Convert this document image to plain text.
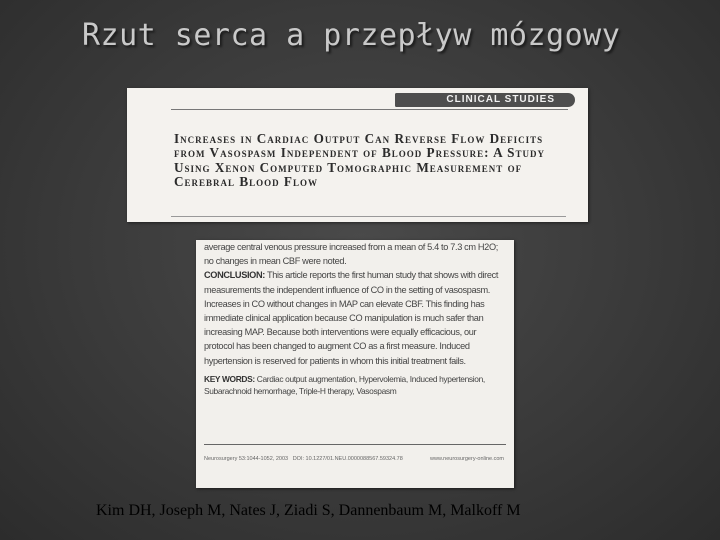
Rzut serca a przepływ mózgowy
CLINICAL STUDIES
Increases in Cardiac Output Can Reverse Flow Deficits from Vasospasm Independent of Blood Pressure: A Study Using Xenon Computed Tomographic Measurement of Cerebral Blood Flow

average central venous pressure increased from a mean of 5.4 to 7.3 cm H2O; no changes in mean CBF were noted.

CONCLUSION: This article reports the first human study that shows with direct measurements the independent influence of CO in the setting of vasospasm. Increases in CO without changes in MAP can elevate CBF. This finding has immediate clinical application because CO manipulation is much safer than increasing MAP. Because both interventions were equally efficacious, our protocol has been changed to augment CO as a first measure. Induced hypertension is reserved for patients in whom this initial treatment fails.

KEY WORDS: Cardiac output augmentation, Hypervolemia, Induced hypertension, Subarachnoid hemorrhage, Triple-H therapy, Vasospasm

Neurosurgery 53:1044-1052, 2003 DOI: 10.1227/01.NEU.0000088567.59324.78	www.neurosurgery-online.com
Kim DH, Joseph M, Nates J, Ziadi S, Dannenbaum M, Malkoff M
